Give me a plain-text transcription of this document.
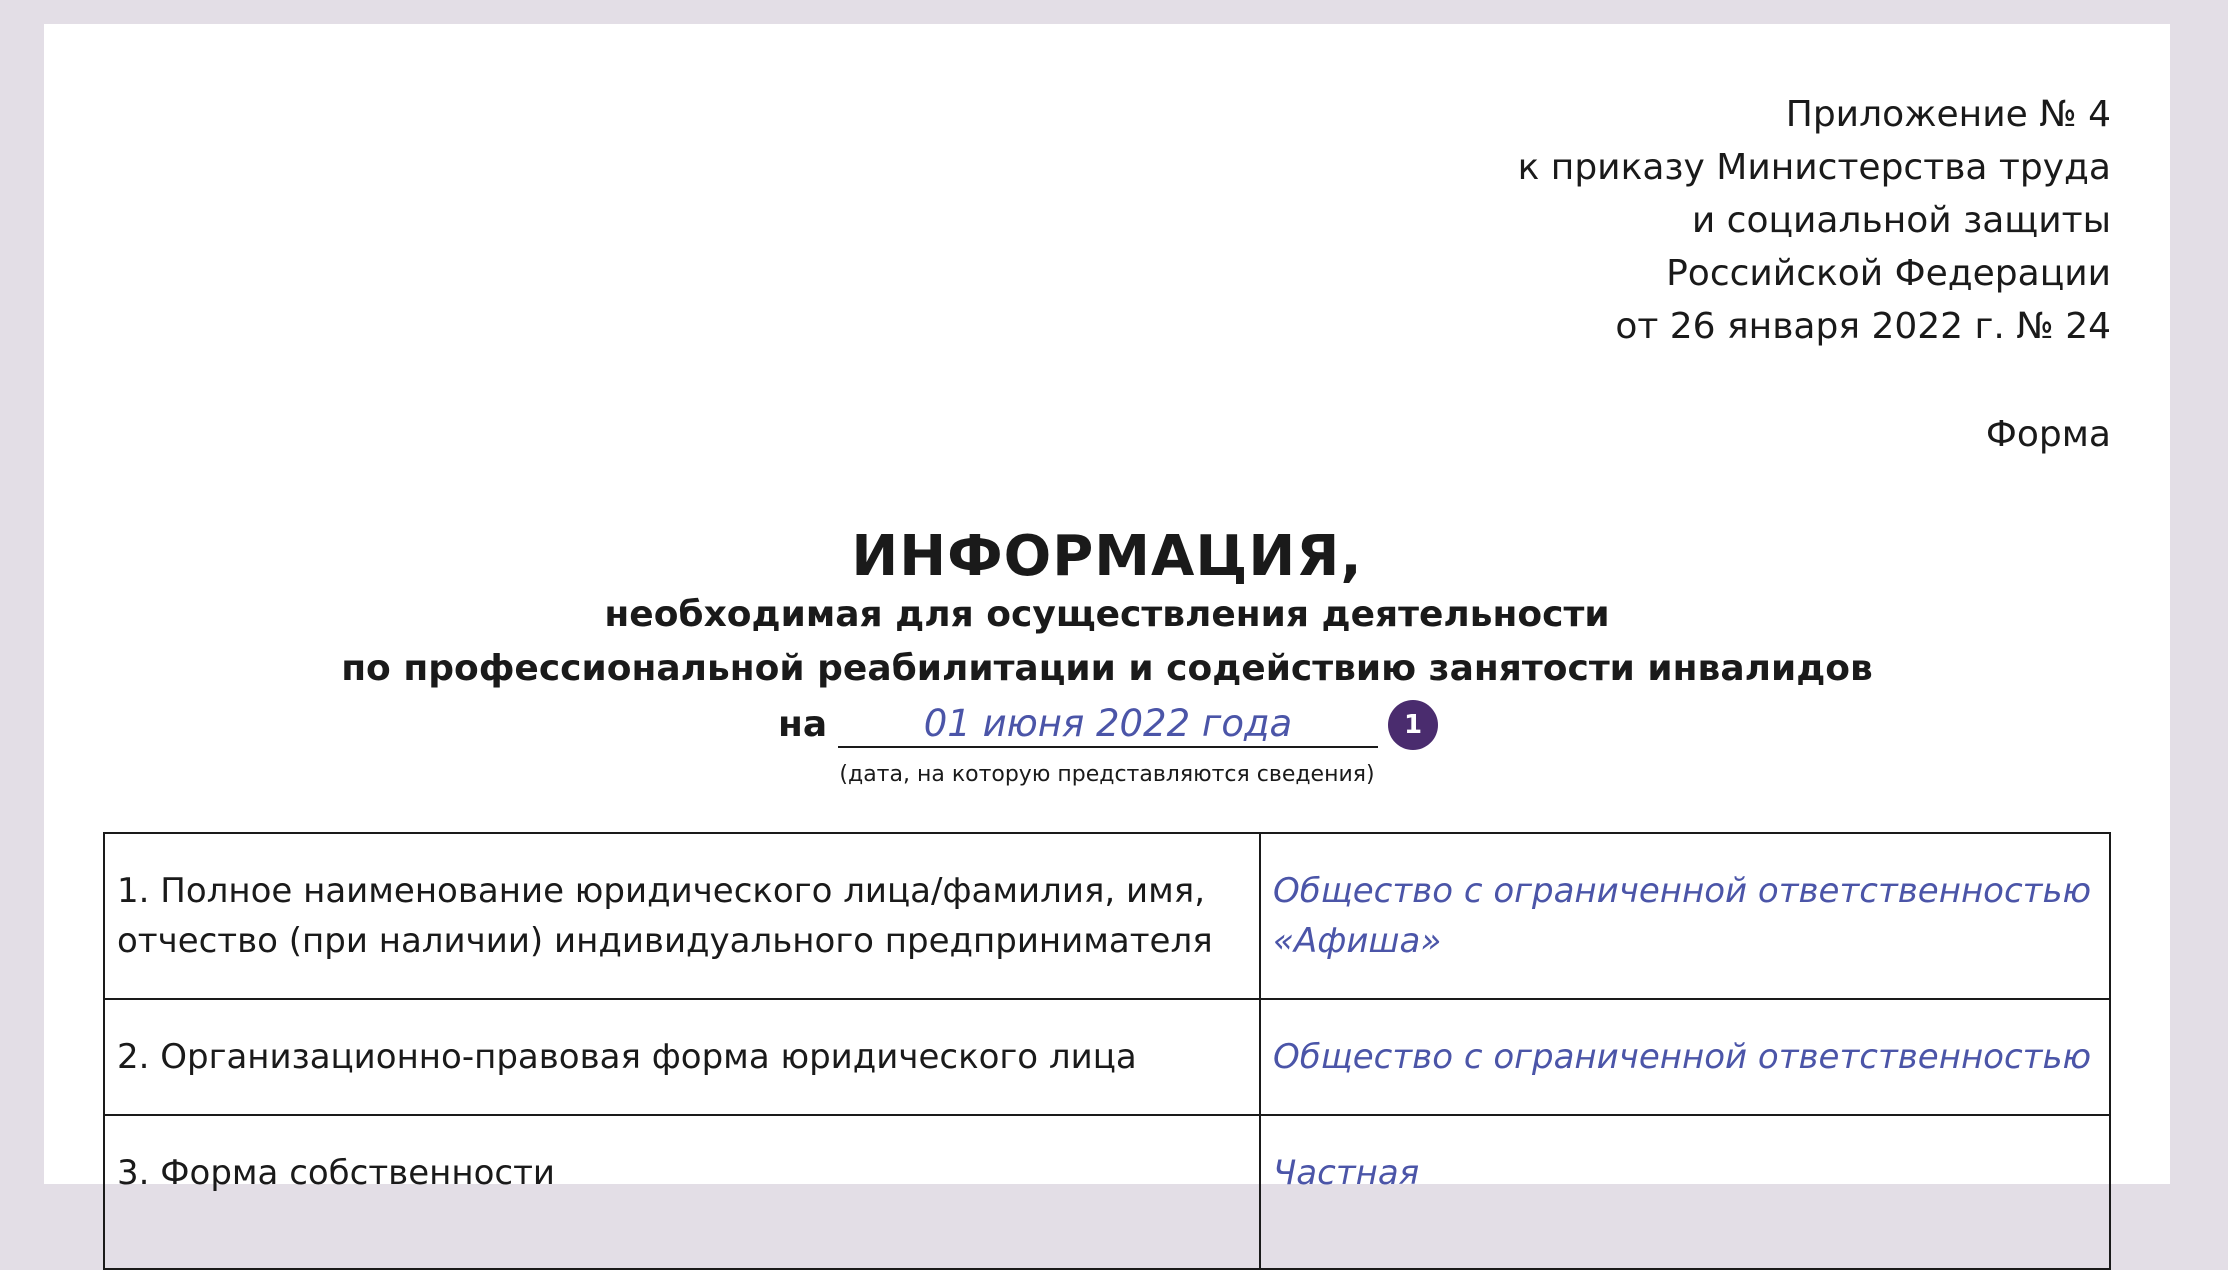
Приложение № 4
к приказу Министерства труда
и социальной защиты
Российской Федерации
от 26 января 2022 г. № 24
Форма
ИНФОРМАЦИЯ,
необходимая для осуществления деятельности
по профессиональной реабилитации и содействию занятости инвалидов
на	01 июня 2022 года	1
(дата, на которую представляются сведения)
1. Полное наименование юридического лица/фамилия, имя, отчество (при наличии) индивидуального предпринимателя	Общество с ограниченной ответственностью «Афиша»
2. Организационно-правовая форма юридического лица	Общество с ограниченной ответственностью
3. Форма собственности	Частная
